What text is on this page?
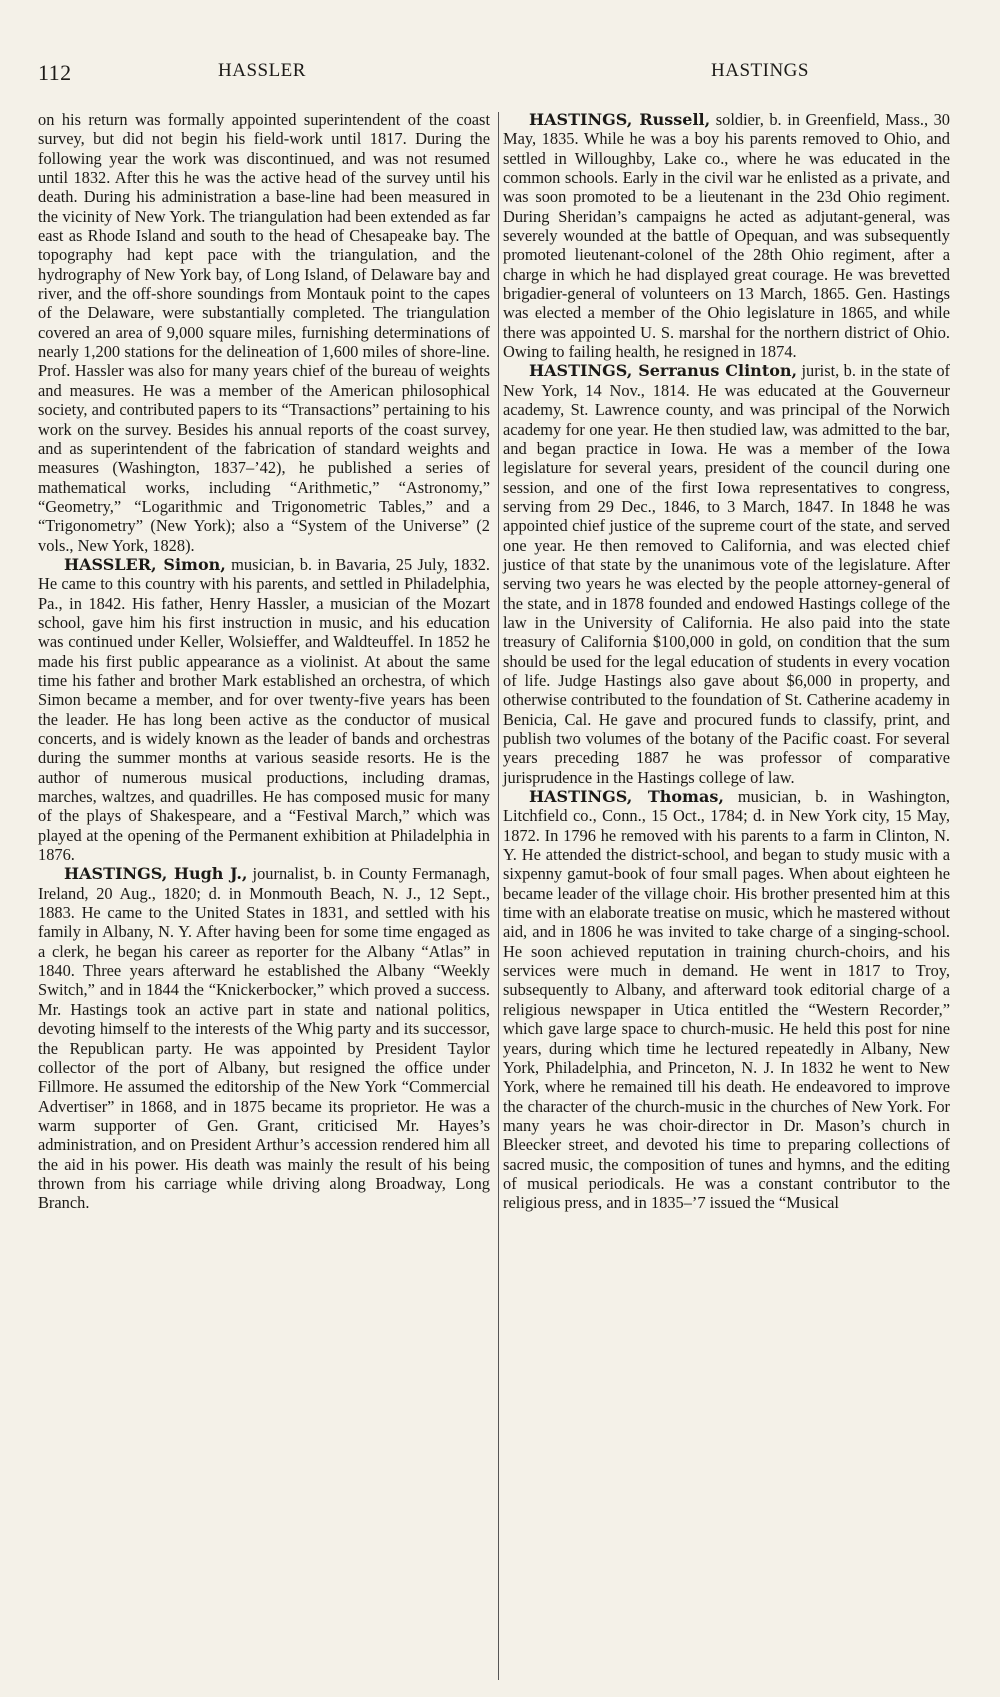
112	HASSLER	HASTINGS

on his return was formally appointed superintendent of the coast survey, but did not begin his field-work until 1817. During the following year the work was discontinued, and was not resumed until 1832. After this he was the active head of the survey until his death. During his administration a base-line had been measured in the vicinity of New York. The triangulation had been extended as far east as Rhode Island and south to the head of Chesapeake bay. The topography had kept pace with the triangulation, and the hydrography of New York bay, of Long Island, of Delaware bay and river, and the off-shore soundings from Montauk point to the capes of the Delaware, were substantially completed. The triangulation covered an area of 9,000 square miles, furnishing determinations of nearly 1,200 stations for the delineation of 1,600 miles of shore-line. Prof. Hassler was also for many years chief of the bureau of weights and measures. He was a member of the American philosophical society, and contributed papers to its “Transactions” pertaining to his work on the survey. Besides his annual reports of the coast survey, and as superintendent of the fabrication of standard weights and measures (Washington, 1837–’42), he published a series of mathematical works, including “Arithmetic,” “Astronomy,” “Geometry,” “Logarithmic and Trigonometric Tables,” and a “Trigonometry” (New York); also a “System of the Universe” (2 vols., New York, 1828).

HASSLER, Simon, musician, b. in Bavaria, 25 July, 1832. He came to this country with his parents, and settled in Philadelphia, Pa., in 1842. His father, Henry Hassler, a musician of the Mozart school, gave him his first instruction in music, and his education was continued under Keller, Wolsieffer, and Waldteuffel. In 1852 he made his first public appearance as a violinist. At about the same time his father and brother Mark established an orchestra, of which Simon became a member, and for over twenty-five years has been the leader. He has long been active as the conductor of musical concerts, and is widely known as the leader of bands and orchestras during the summer months at various seaside resorts. He is the author of numerous musical productions, including dramas, marches, waltzes, and quadrilles. He has composed music for many of the plays of Shakespeare, and a “Festival March,” which was played at the opening of the Permanent exhibition at Philadelphia in 1876.

HASTINGS, Hugh J., journalist, b. in County Fermanagh, Ireland, 20 Aug., 1820; d. in Monmouth Beach, N. J., 12 Sept., 1883. He came to the United States in 1831, and settled with his family in Albany, N. Y. After having been for some time engaged as a clerk, he began his career as reporter for the Albany “Atlas” in 1840. Three years afterward he established the Albany “Weekly Switch,” and in 1844 the “Knickerbocker,” which proved a success. Mr. Hastings took an active part in state and national politics, devoting himself to the interests of the Whig party and its successor, the Republican party. He was appointed by President Taylor collector of the port of Albany, but resigned the office under Fillmore. He assumed the editorship of the New York “Commercial Advertiser” in 1868, and in 1875 became its proprietor. He was a warm supporter of Gen. Grant, criticised Mr. Hayes’s administration, and on President Arthur’s accession rendered him all the aid in his power. His death was mainly the result of his being thrown from his carriage while driving along Broadway, Long Branch.

HASTINGS, Russell, soldier, b. in Greenfield, Mass., 30 May, 1835. While he was a boy his parents removed to Ohio, and settled in Willoughby, Lake co., where he was educated in the common schools. Early in the civil war he enlisted as a private, and was soon promoted to be a lieutenant in the 23d Ohio regiment. During Sheridan’s campaigns he acted as adjutant-general, was severely wounded at the battle of Opequan, and was subsequently promoted lieutenant-colonel of the 28th Ohio regiment, after a charge in which he had displayed great courage. He was brevetted brigadier-general of volunteers on 13 March, 1865. Gen. Hastings was elected a member of the Ohio legislature in 1865, and while there was appointed U. S. marshal for the northern district of Ohio. Owing to failing health, he resigned in 1874.

HASTINGS, Serranus Clinton, jurist, b. in the state of New York, 14 Nov., 1814. He was educated at the Gouverneur academy, St. Lawrence county, and was principal of the Norwich academy for one year. He then studied law, was admitted to the bar, and began practice in Iowa. He was a member of the Iowa legislature for several years, president of the council during one session, and one of the first Iowa representatives to congress, serving from 29 Dec., 1846, to 3 March, 1847. In 1848 he was appointed chief justice of the supreme court of the state, and served one year. He then removed to California, and was elected chief justice of that state by the unanimous vote of the legislature. After serving two years he was elected by the people attorney-general of the state, and in 1878 founded and endowed Hastings college of the law in the University of California. He also paid into the state treasury of California $100,000 in gold, on condition that the sum should be used for the legal education of students in every vocation of life. Judge Hastings also gave about $6,000 in property, and otherwise contributed to the foundation of St. Catherine academy in Benicia, Cal. He gave and procured funds to classify, print, and publish two volumes of the botany of the Pacific coast. For several years preceding 1887 he was professor of comparative jurisprudence in the Hastings college of law.

HASTINGS, Thomas, musician, b. in Washington, Litchfield co., Conn., 15 Oct., 1784; d. in New York city, 15 May, 1872. In 1796 he removed with his parents to a farm in Clinton, N. Y. He attended the district-school, and began to study music with a sixpenny gamut-book of four small pages. When about eighteen he became leader of the village choir. His brother presented him at this time with an elaborate treatise on music, which he mastered without aid, and in 1806 he was invited to take charge of a singing-school. He soon achieved reputation in training church-choirs, and his services were much in demand. He went in 1817 to Troy, subsequently to Albany, and afterward took editorial charge of a religious newspaper in Utica entitled the “Western Recorder,” which gave large space to church-music. He held this post for nine years, during which time he lectured repeatedly in Albany, New York, Philadelphia, and Princeton, N. J. In 1832 he went to New York, where he remained till his death. He endeavored to improve the character of the church-music in the churches of New York. For many years he was choir-director in Dr. Mason’s church in Bleecker street, and devoted his time to preparing collections of sacred music, the composition of tunes and hymns, and the editing of musical periodicals. He was a constant contributor to the religious press, and in 1835–’7 issued the “Musical
